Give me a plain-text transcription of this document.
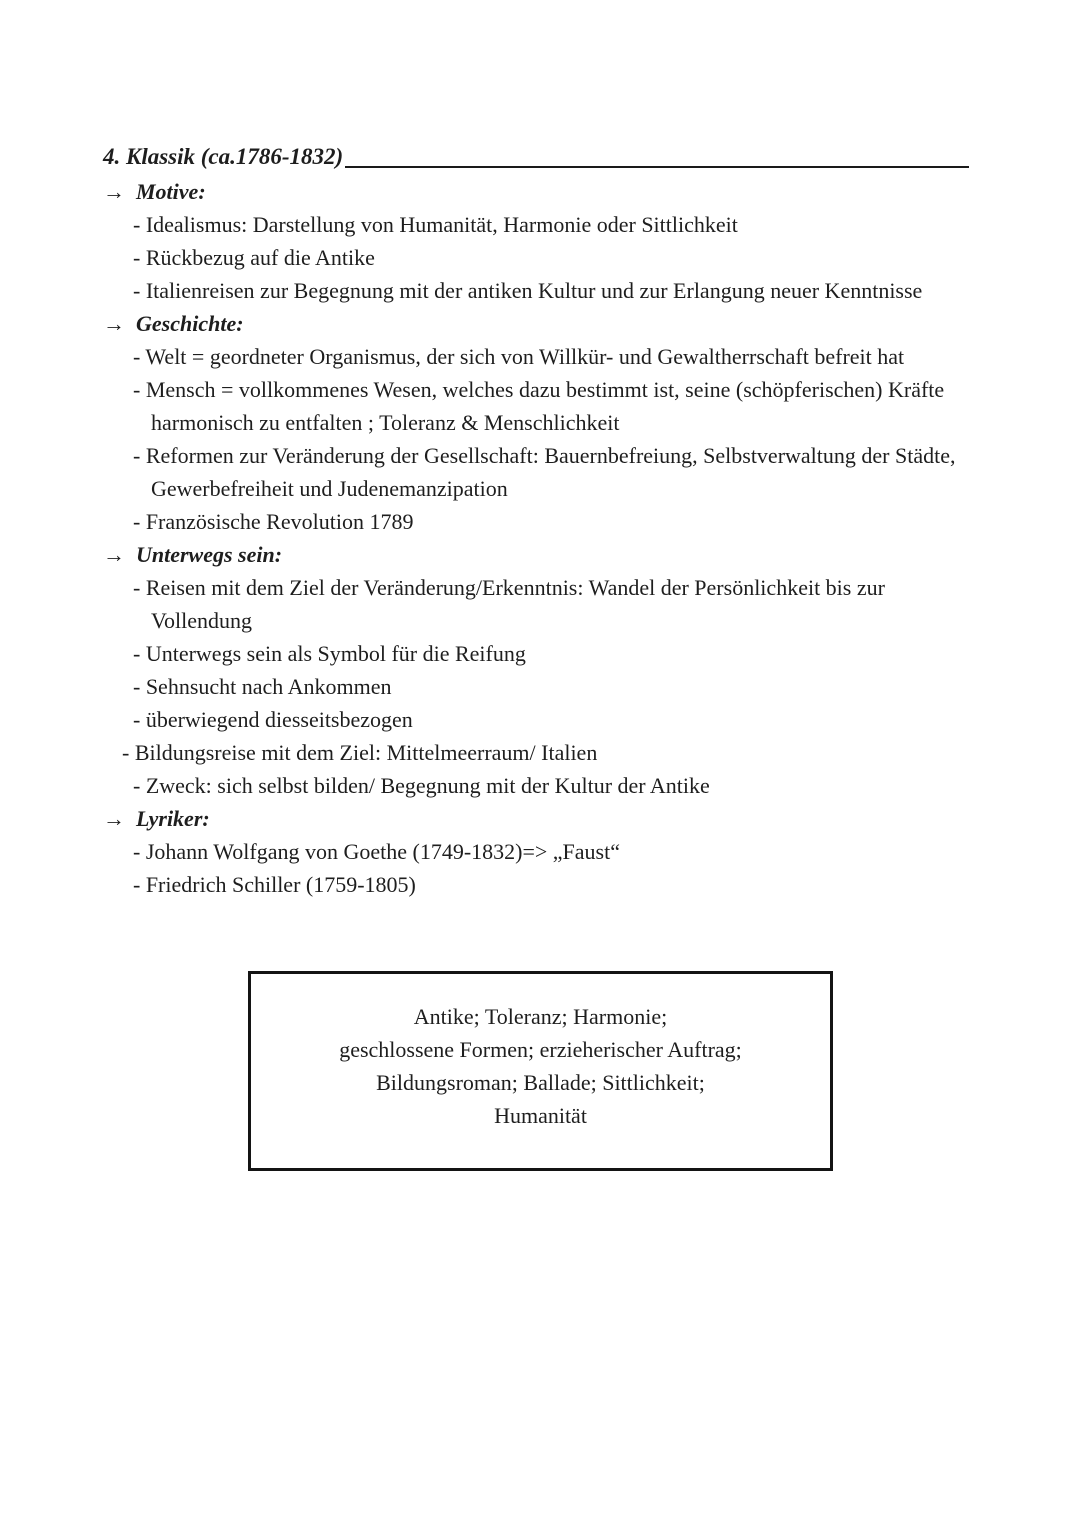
4. Klassik (ca.1786-1832)
→ Motive:
- Idealismus: Darstellung von Humanität, Harmonie oder Sittlichkeit
- Rückbezug auf die Antike
- Italienreisen zur Begegnung mit der antiken Kultur und zur Erlangung neuer Kenntnisse
→ Geschichte:
- Welt = geordneter Organismus, der sich von Willkür- und Gewaltherrschaft befreit hat
- Mensch = vollkommenes Wesen, welches dazu bestimmt ist, seine (schöpferischen) Kräfte harmonisch zu entfalten ; Toleranz & Menschlichkeit
- Reformen zur Veränderung der Gesellschaft: Bauernbefreiung, Selbstverwaltung der Städte, Gewerbefreiheit und Judenemanzipation
- Französische Revolution 1789
→ Unterwegs sein:
- Reisen mit dem Ziel der Veränderung/Erkenntnis: Wandel der Persönlichkeit bis zur Vollendung
- Unterwegs sein als Symbol für die Reifung
- Sehnsucht nach Ankommen
- überwiegend diesseitsbezogen
- Bildungsreise mit dem Ziel: Mittelmeerraum/ Italien
- Zweck: sich selbst bilden/ Begegnung mit der Kultur der Antike
→ Lyriker:
- Johann Wolfgang von Goethe (1749-1832)=> „Faust“
- Friedrich Schiller (1759-1805)
Antike; Toleranz; Harmonie;
geschlossene Formen; erzieherischer Auftrag;
Bildungsroman; Ballade; Sittlichkeit;
Humanität
